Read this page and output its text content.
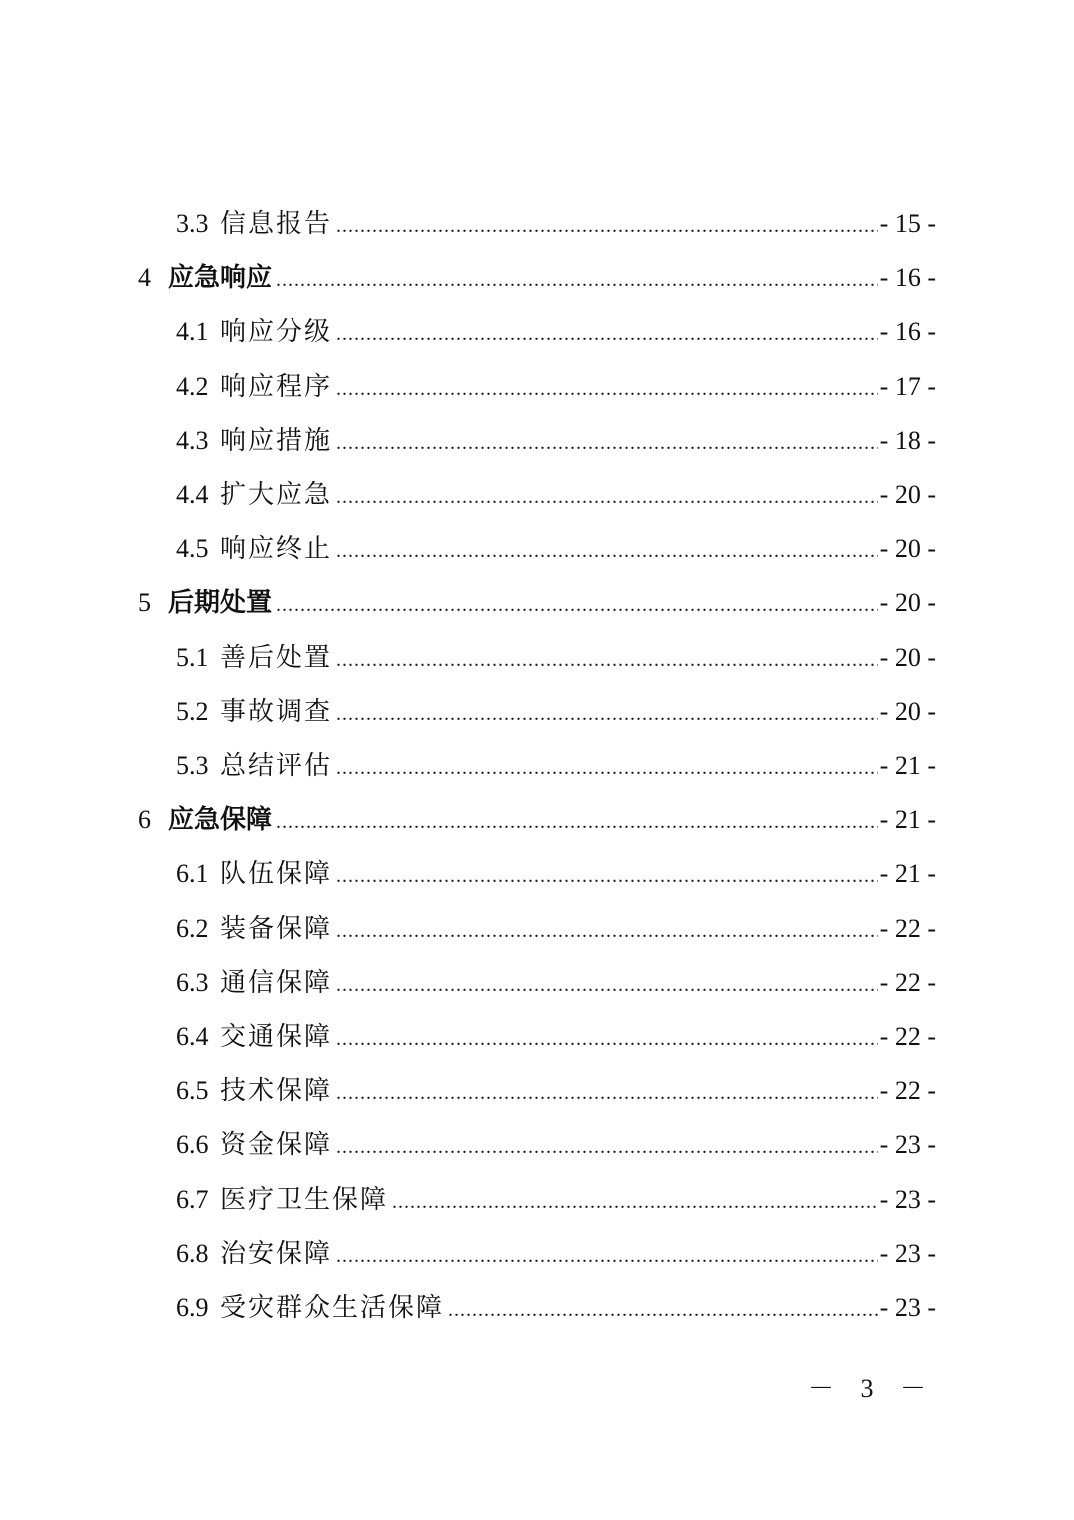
3.3 信息报告 .....	- 15 -
4 应急响应 .....	- 16 -
4.1 响应分级 .....	- 16 -
4.2 响应程序 .....	- 17 -
4.3 响应措施 .....	- 18 -
4.4 扩大应急 .....	- 20 -
4.5 响应终止 .....	- 20 -
5 后期处置 .....	- 20 -
5.1 善后处置 .....	- 20 -
5.2 事故调查 .....	- 20 -
5.3 总结评估 .....	- 21 -
6 应急保障 .....	- 21 -
6.1 队伍保障 .....	- 21 -
6.2 装备保障 .....	- 22 -
6.3 通信保障 .....	- 22 -
6.4 交通保障 .....	- 22 -
6.5 技术保障 .....	- 22 -
6.6 资金保障 .....	- 23 -
6.7 医疗卫生保障 .....	- 23 -
6.8 治安保障 .....	- 23 -
6.9 受灾群众生活保障 .....	- 23 -
－ 3 －
